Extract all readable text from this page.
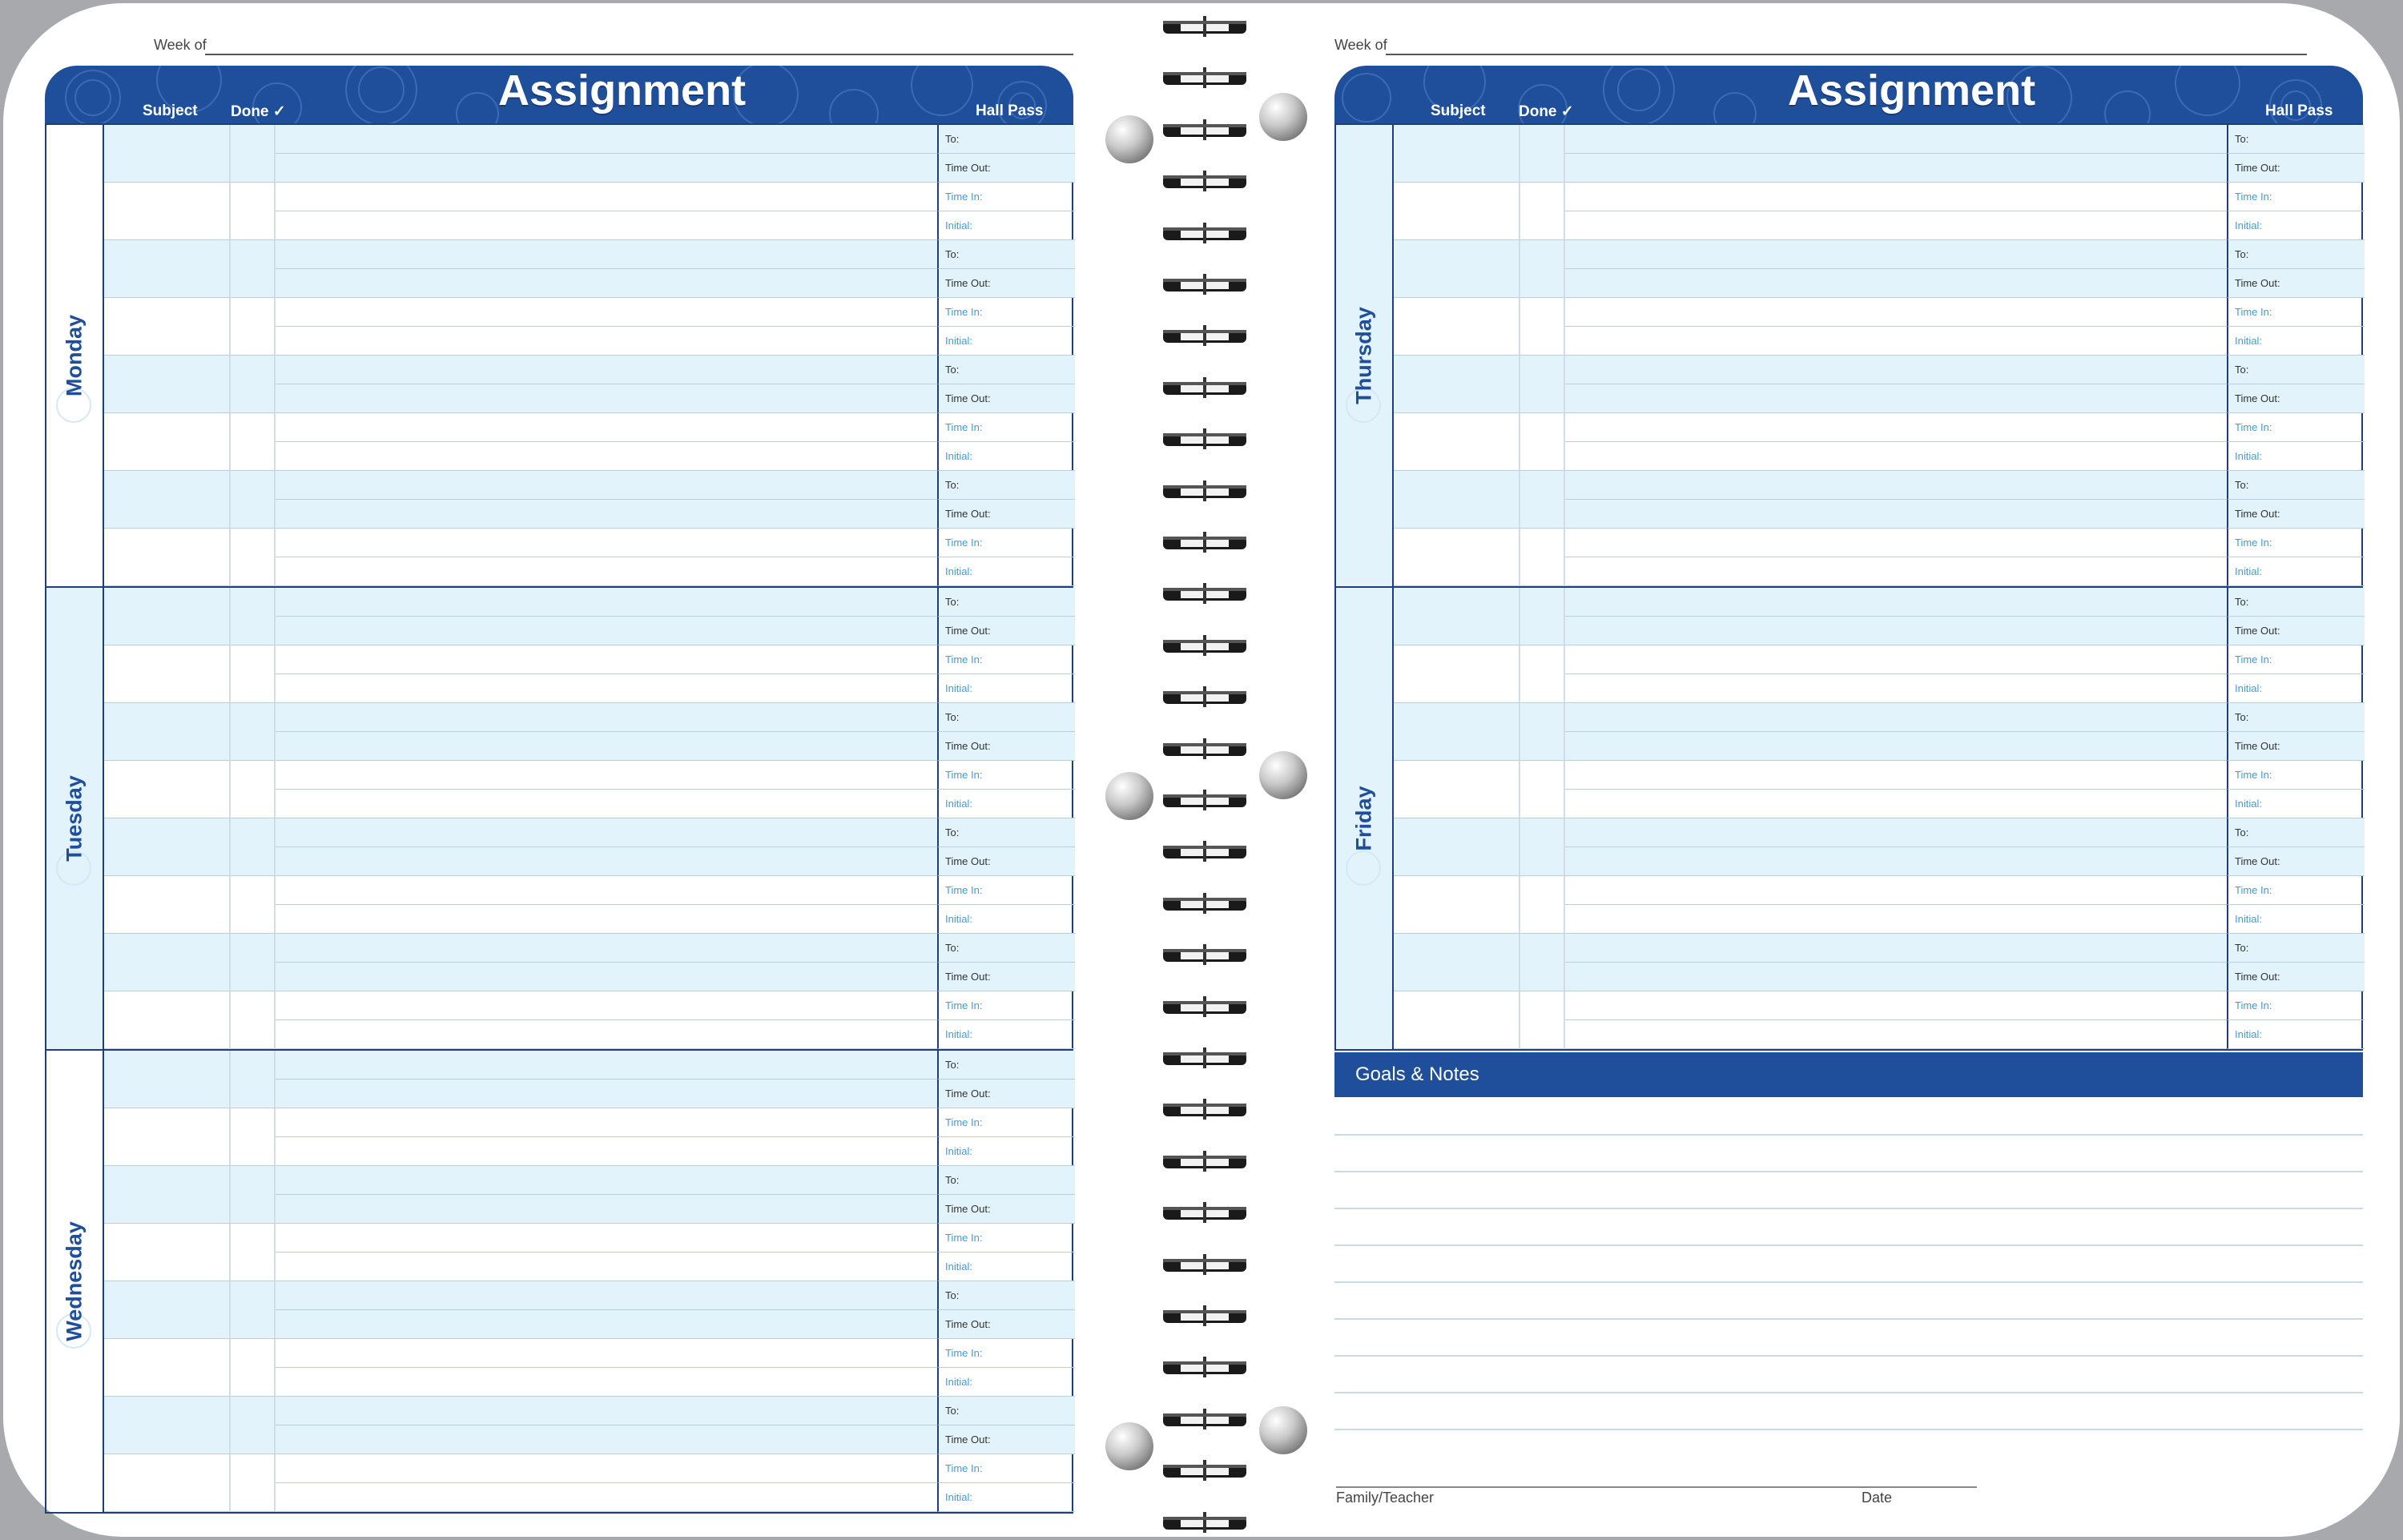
Week of
Assignment
Subject Done ✓	Hall Pass
Monday
To:
Time Out:
Time In:
Initial:
To:
Time Out:
Time In:
Initial:
To:
Time Out:
Time In:
Initial:
To:
Time Out:
Time In:
Initial:
Tuesday
To:
Time Out:
Time In:
Initial:
To:
Time Out:
Time In:
Initial:
To:
Time Out:
Time In:
Initial:
To:
Time Out:
Time In:
Initial:
Wednesday
To:
Time Out:
Time In:
Initial:
To:
Time Out:
Time In:
Initial:
To:
Time Out:
Time In:
Initial:
To:
Time Out:
Time In:
Initial:
Week of
Assignment
Subject Done ✓	Hall Pass
Thursday
To:
Time Out:
Time In:
Initial:
To:
Time Out:
Time In:
Initial:
To:
Time Out:
Time In:
Initial:
To:
Time Out:
Time In:
Initial:
Friday
To:
Time Out:
Time In:
Initial:
To:
Time Out:
Time In:
Initial:
To:
Time Out:
Time In:
Initial:
To:
Time Out:
Time In:
Initial:
Goals & Notes
Family/Teacher	Date
